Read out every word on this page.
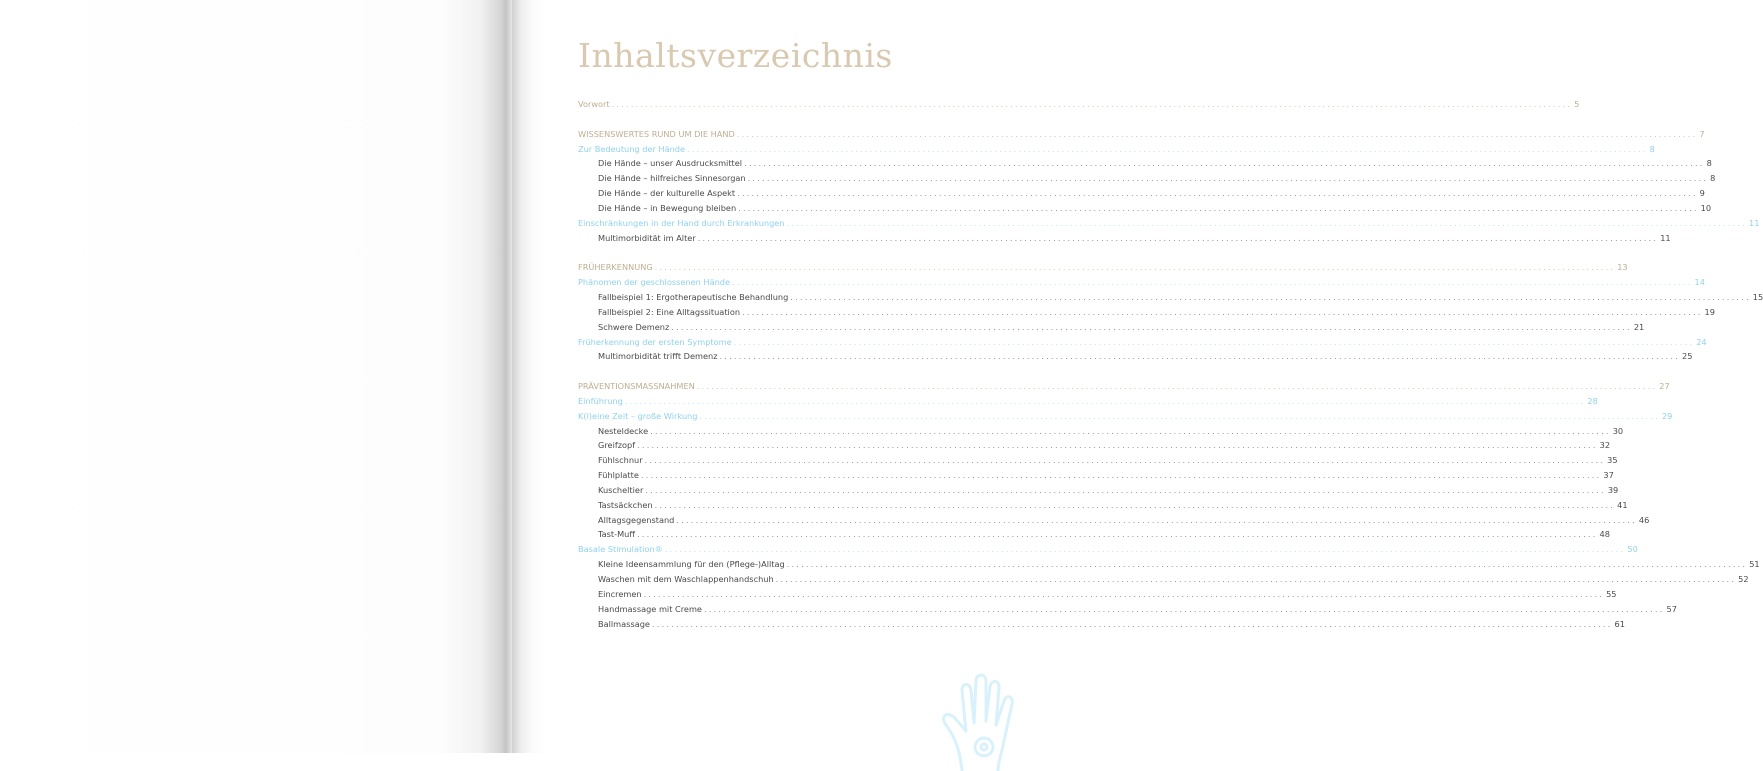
Inhaltsverzeichnis
Vorwort ........................................................................................................................................................................................................ 5
WISSENSWERTES RUND UM DIE HAND ........................................................................................................................................................................................................ 7
Zur Bedeutung der Hände ........................................................................................................................................................................................................ 8
Die Hände – unser Ausdrucksmittel ........................................................................................................................................................................................................ 8
Die Hände – hilfreiches Sinnesorgan ........................................................................................................................................................................................................ 8
Die Hände – der kulturelle Aspekt ........................................................................................................................................................................................................ 9
Die Hände – in Bewegung bleiben ........................................................................................................................................................................................................ 10
Einschränkungen in der Hand durch Erkrankungen ........................................................................................................................................................................................................ 11
Multimorbidität im Alter ........................................................................................................................................................................................................ 11
FRÜHERKENNUNG ........................................................................................................................................................................................................ 13
Phänomen der geschlossenen Hände ........................................................................................................................................................................................................ 14
Fallbeispiel 1: Ergotherapeutische Behandlung ........................................................................................................................................................................................................ 15
Fallbeispiel 2: Eine Alltagssituation ........................................................................................................................................................................................................ 19
Schwere Demenz ........................................................................................................................................................................................................ 21
Früherkennung der ersten Symptome ........................................................................................................................................................................................................ 24
Multimorbidität trifft Demenz ........................................................................................................................................................................................................ 25
PRÄVENTIONSMASSNAHMEN ........................................................................................................................................................................................................ 27
Einführung ........................................................................................................................................................................................................ 28
K(l)eine Zeit – große Wirkung ........................................................................................................................................................................................................ 29
Nesteldecke ........................................................................................................................................................................................................ 30
Greifzopf ........................................................................................................................................................................................................ 32
Fühlschnur ........................................................................................................................................................................................................ 35
Fühlplatte ........................................................................................................................................................................................................ 37
Kuscheltier ........................................................................................................................................................................................................ 39
Tastsäckchen ........................................................................................................................................................................................................ 41
Alltagsgegenstand ........................................................................................................................................................................................................ 46
Tast-Muff ........................................................................................................................................................................................................ 48
Basale Stimulation® ........................................................................................................................................................................................................ 50
Kleine Ideensammlung für den (Pflege-)Alltag ........................................................................................................................................................................................................ 51
Waschen mit dem Waschlappenhandschuh ........................................................................................................................................................................................................ 52
Eincremen ........................................................................................................................................................................................................ 55
Handmassage mit Creme ........................................................................................................................................................................................................ 57
Ballmassage ........................................................................................................................................................................................................ 61
